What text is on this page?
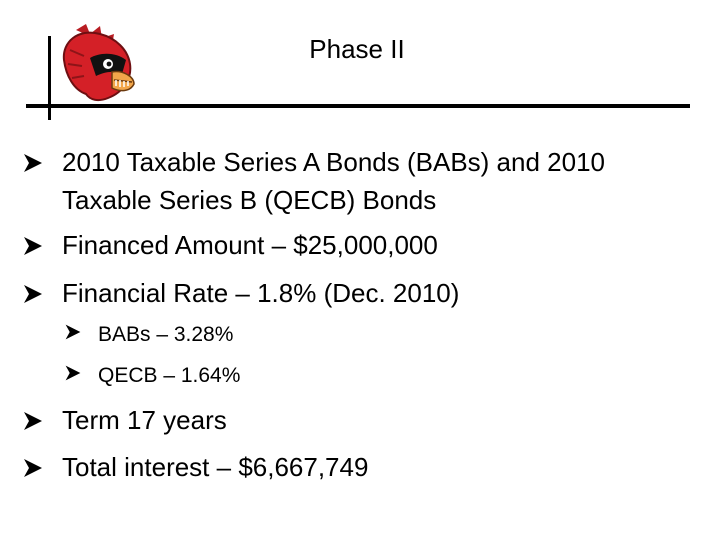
Phase II
2010 Taxable Series A Bonds (BABs) and 2010
Taxable Series B (QECB) Bonds
Financed Amount – $25,000,000
Financial Rate – 1.8% (Dec. 2010)
BABs – 3.28%
QECB – 1.64%
Term 17 years
Total interest – $6,667,749
